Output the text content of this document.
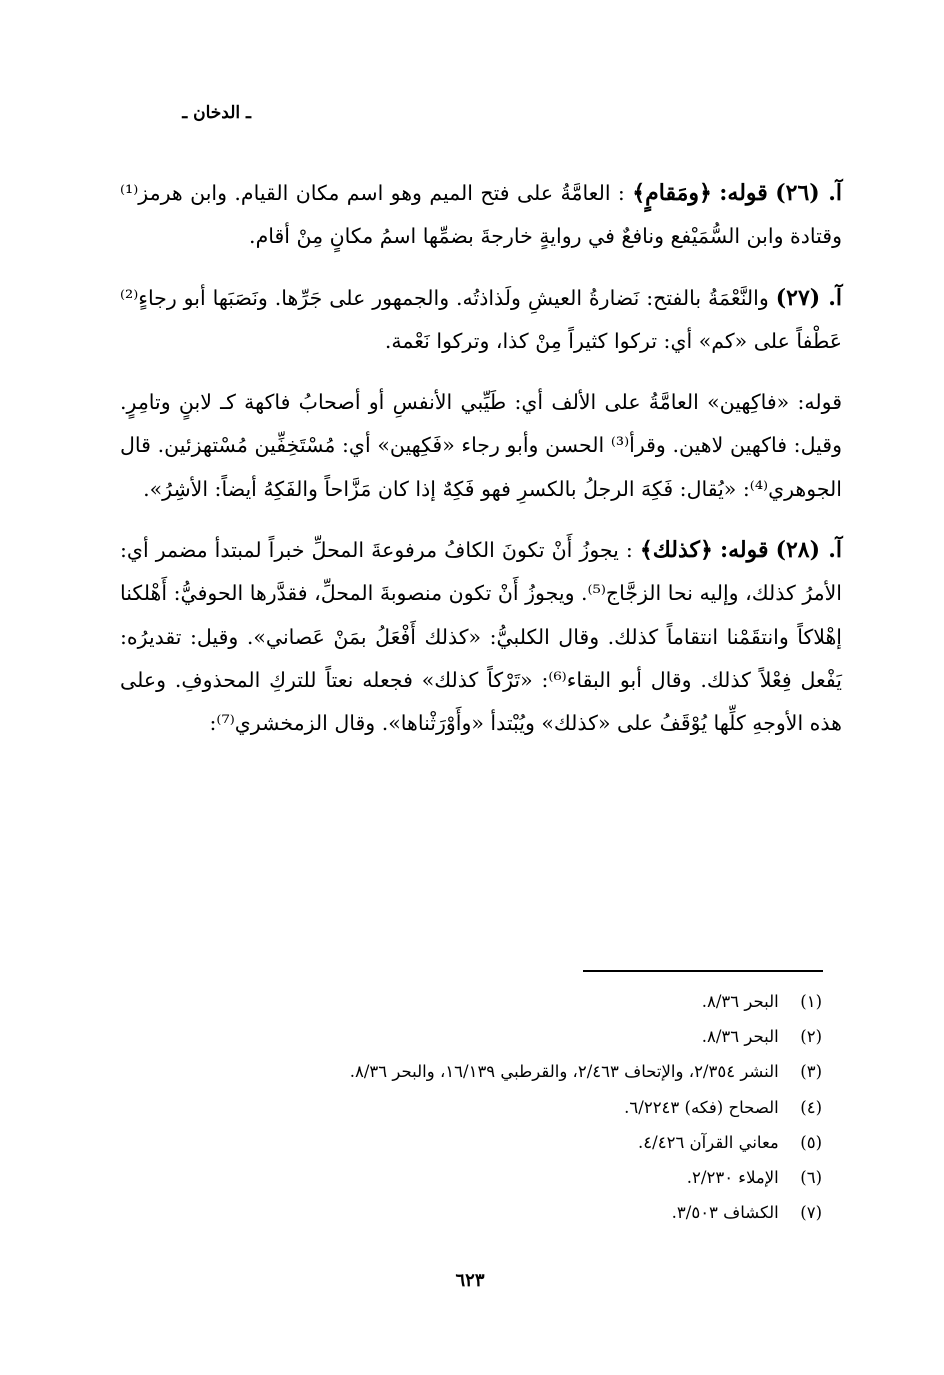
ـ الدخان ـ

آ. (٢٦) قوله: ﴿ومَقامٍ﴾ : العامَّةُ على فتح الميم وهو اسم مكان القيام. وابن هرمز⁽¹⁾ وقتادة وابن السُّمَيْفع ونافعٌ في روايةٍ خارجةَ بضمِّها اسمُ مكانٍ مِنْ أقام.

آ. (٢٧) والنَّعْمَةُ بالفتح: نَضارةُ العيشِ ولَذاذتُه. والجمهور على جَرِّها. ونَصَبَها أبو رجاءٍ⁽²⁾ عَطْفاً على «كم» أي: تركوا كثيراً مِنْ كذا، وتركوا نَعْمة.

قوله: «فاكِهين» العامَّةُ على الألف أي: طَيِّبي الأنفسِ أو أصحابُ فاكهة كـ لابنٍ وتامِرٍ. وقيل: فاكهين لاهين. وقرأ⁽³⁾ الحسن وأبو رجاء «فَكِهين» أي: مُسْتَخِفِّين مُسْتهزئين. قال الجوهري⁽⁴⁾: «يُقال: فَكِهَ الرجلُ بالكسرِ فهو فَكِهٌ إذا كان مَزَّاحاً والفَكِهُ أيضاً: الأشِرُ».

آ. (٢٨) قوله: ﴿كذلك﴾ : يجوزُ أَنْ تكونَ الكافُ مرفوعةَ المحلِّ خبراً لمبتدأ مضمر أي: الأمرُ كذلك، وإليه نحا الزجَّاج⁽⁵⁾. ويجوزُ أَنْ تكون منصوبةَ المحلِّ، فقدَّرها الحوفيُّ: أَهْلكنا إهْلاكاً وانتقَمْنا انتقاماً كذلك. وقال الكلبيُّ: «كذلك أَفْعَلُ بمَنْ عَصاني». وقيل: تقديرُه: يَفْعل فِعْلاً كذلك. وقال أبو البقاء⁽⁶⁾: «تَرْكاً كذلك» فجعله نعتاً للتركِ المحذوفِ. وعلى هذه الأوجهِ كلِّها يُوْقَفُ على «كذلك» ويُبْتدأ «وأَوْرَثْناها». وقال الزمخشري⁽⁷⁾:

(١) البحر ٨/٣٦.
(٢) البحر ٨/٣٦.
(٣) النشر ٢/٣٥٤، والإتحاف ٢/٤٦٣، والقرطبي ١٦/١٣٩، والبحر ٨/٣٦.
(٤) الصحاح (فكه) ٦/٢٢٤٣.
(٥) معاني القرآن ٤/٤٢٦.
(٦) الإملاء ٢/٢٣٠.
(٧) الكشاف ٣/٥٠٣.
٦٢٣
